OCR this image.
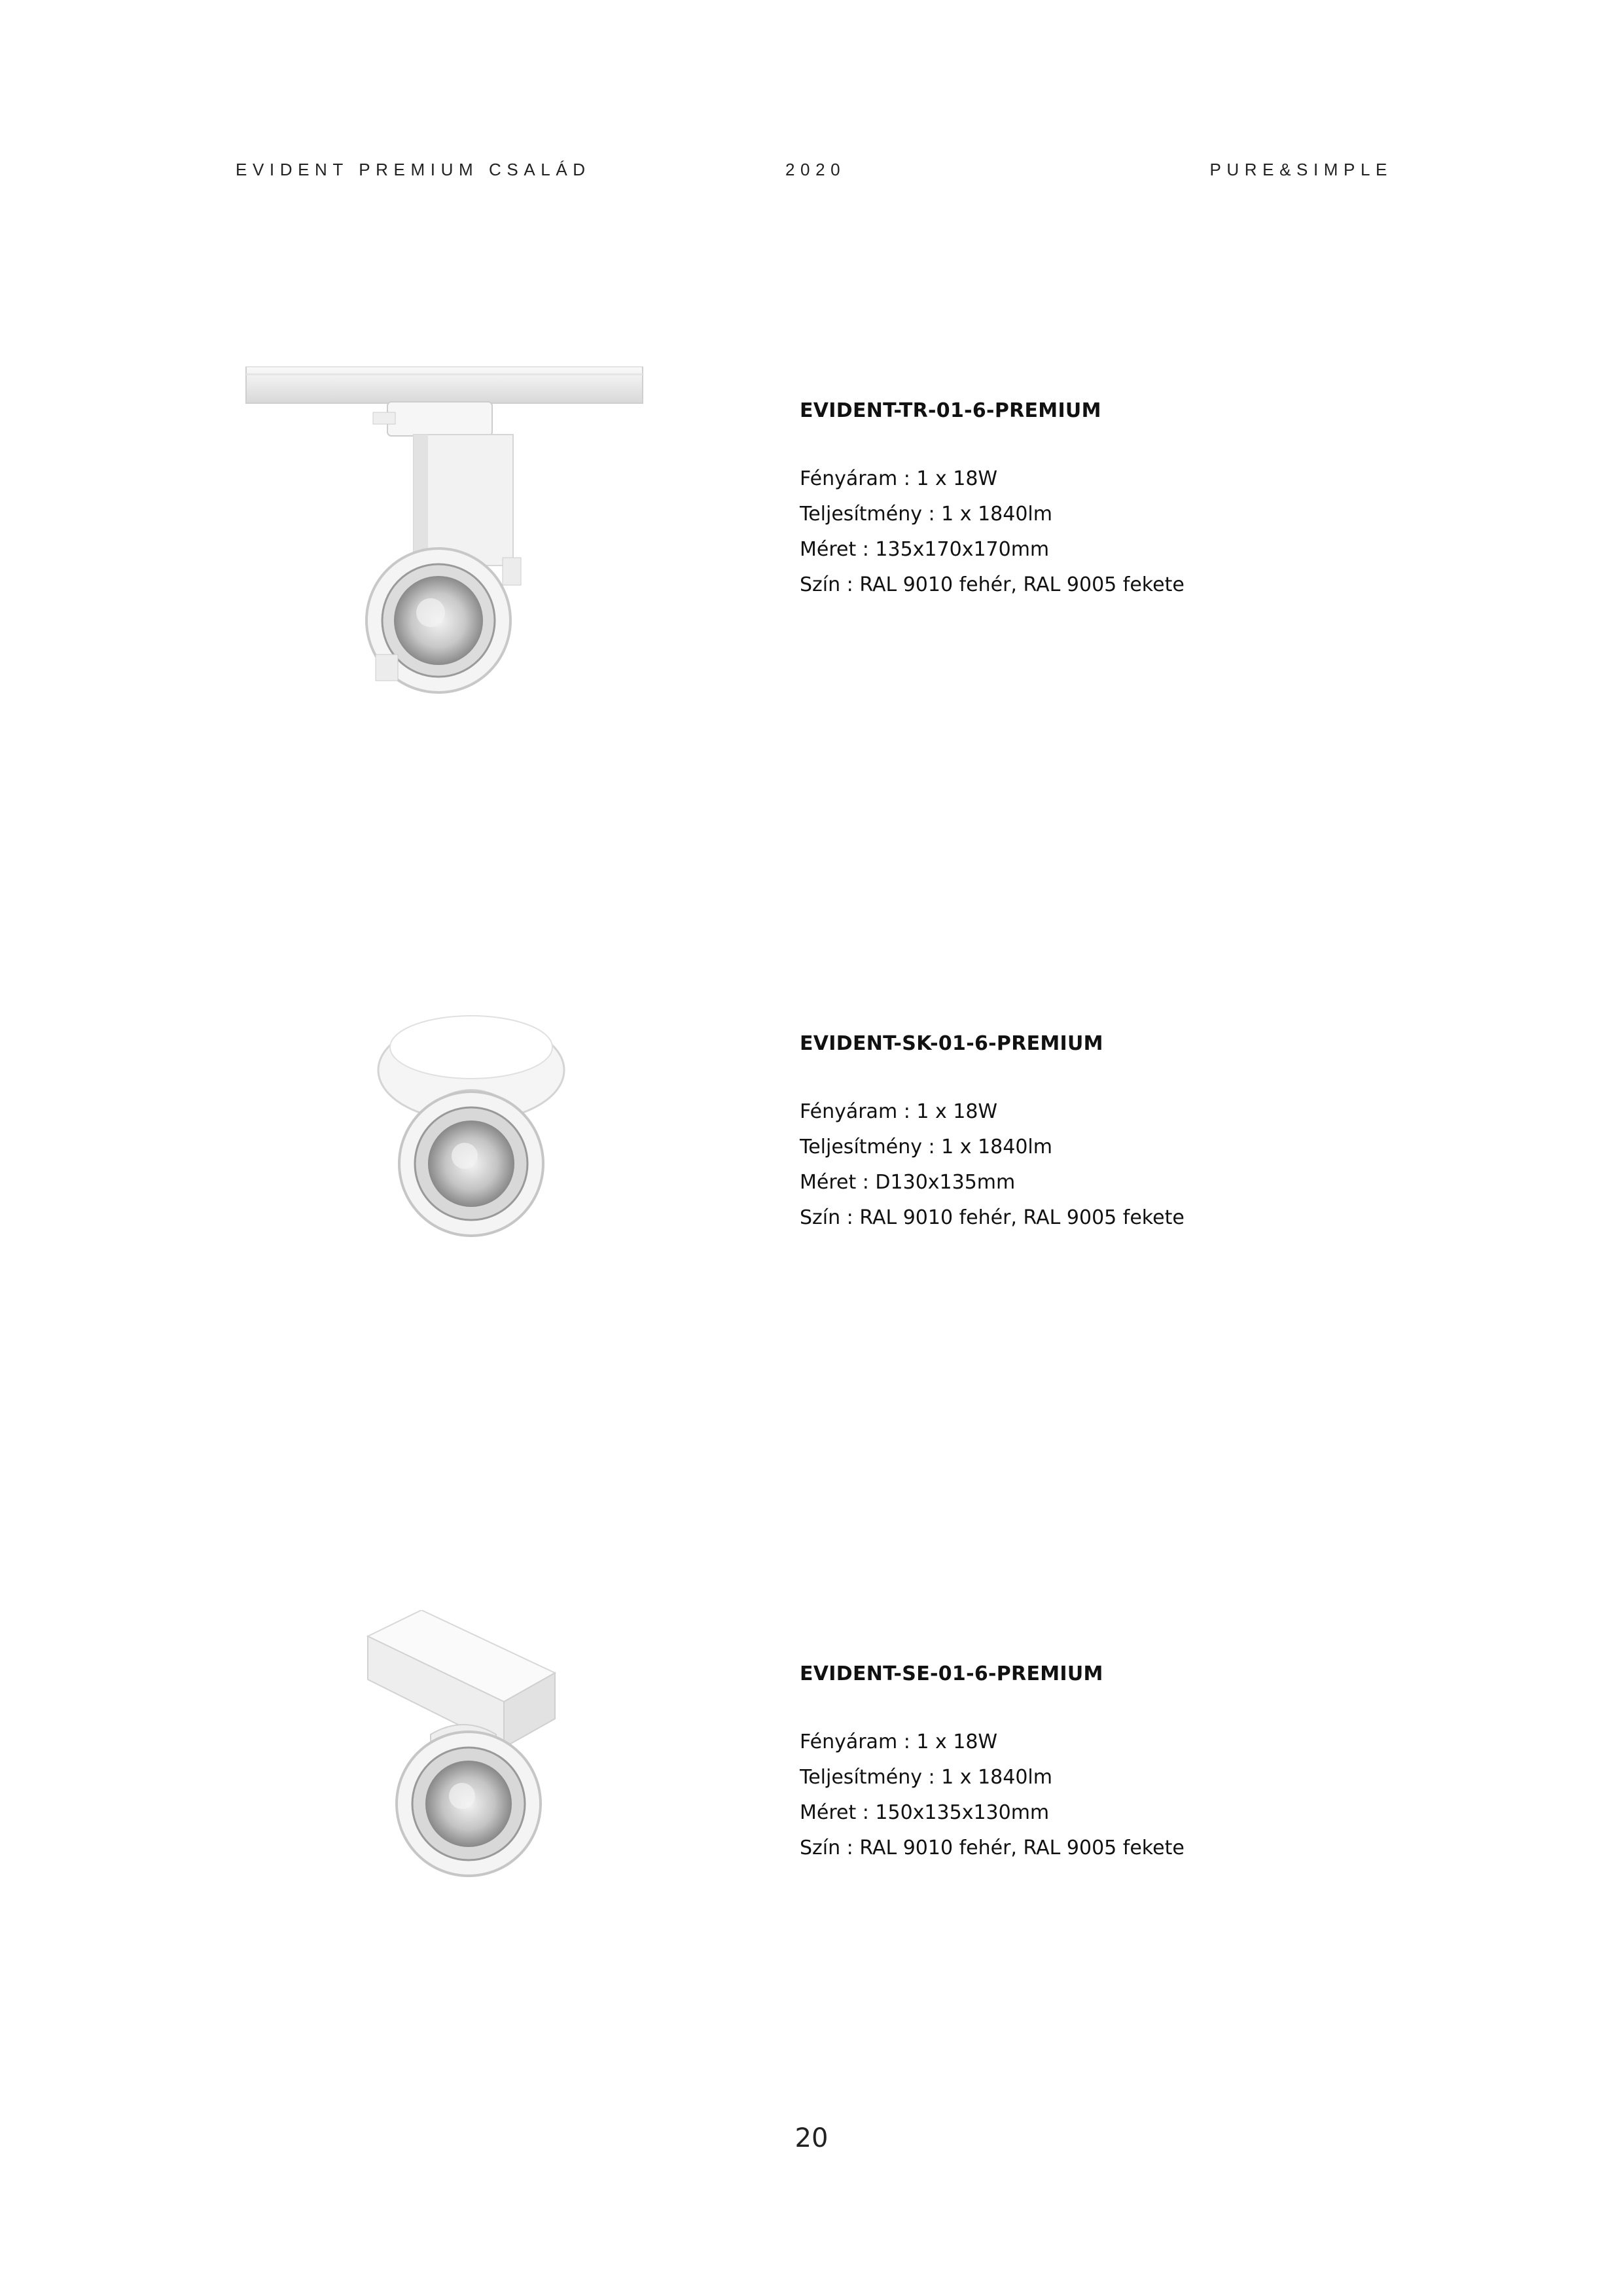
EVIDENT PREMIUM CSALÁD	2020	PURE&SIMPLE

EVIDENT-TR-01-6-PREMIUM

Fényáram : 1 x 18W

Teljesítmény : 1 x 1840lm

Méret : 135x170x170mm

Szín : RAL 9010 fehér, RAL 9005 fekete

EVIDENT-SK-01-6-PREMIUM

Fényáram : 1 x 18W

Teljesítmény : 1 x 1840lm

Méret : D130x135mm

Szín : RAL 9010 fehér, RAL 9005 fekete

EVIDENT-SE-01-6-PREMIUM

Fényáram : 1 x 18W

Teljesítmény : 1 x 1840lm

Méret : 150x135x130mm

Szín : RAL 9010 fehér, RAL 9005 fekete

20
